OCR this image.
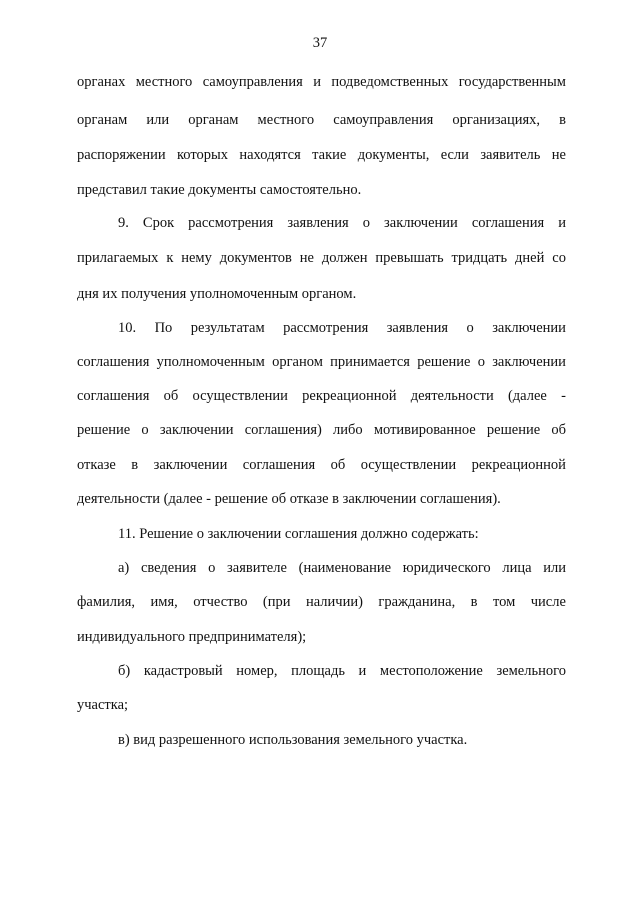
37
органах местного самоуправления и подведомственных государственным
органам или органам местного самоуправления организациях, в
распоряжении которых находятся такие документы, если заявитель не
представил такие документы самостоятельно.
9. Срок рассмотрения заявления о заключении соглашения и
прилагаемых к нему документов не должен превышать тридцать дней со
дня их получения уполномоченным органом.
10. По результатам рассмотрения заявления о заключении
соглашения уполномоченным органом принимается решение о заключении
соглашения об осуществлении рекреационной деятельности (далее -
решение о заключении соглашения) либо мотивированное решение об
отказе в заключении соглашения об осуществлении рекреационной
деятельности (далее - решение об отказе в заключении соглашения).
11. Решение о заключении соглашения должно содержать:
а) сведения о заявителе (наименование юридического лица или
фамилия, имя, отчество (при наличии) гражданина, в том числе
индивидуального предпринимателя);
б) кадастровый номер, площадь и местоположение земельного
участка;
в) вид разрешенного использования земельного участка.
